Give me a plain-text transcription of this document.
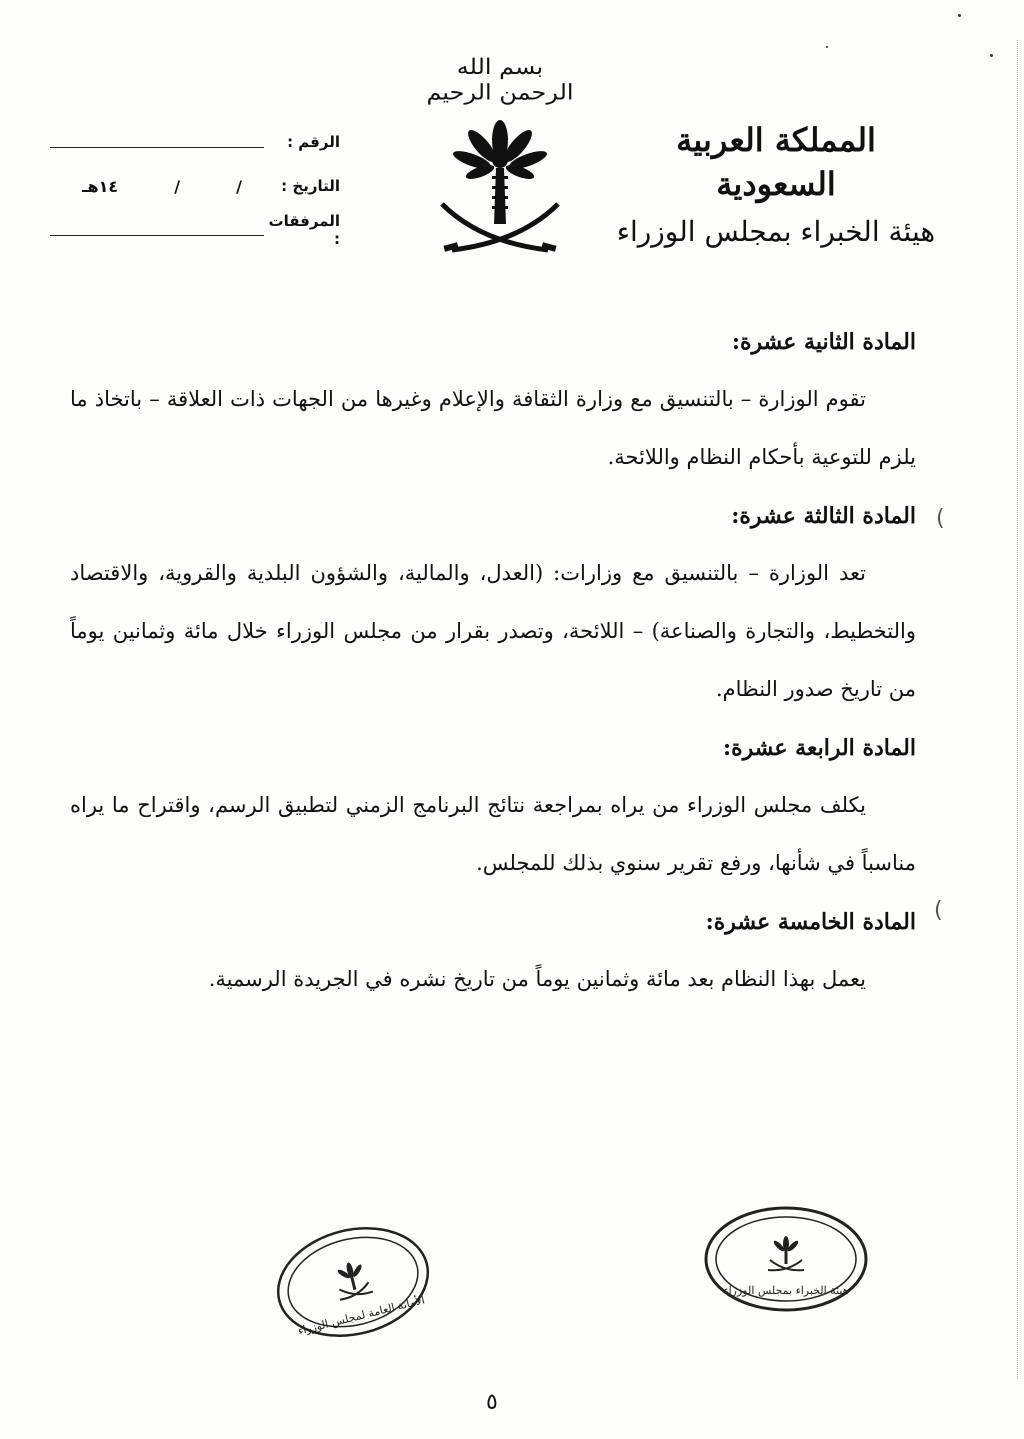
بسم الله الرحمن الرحيم
المملكة العربية السعودية
هيئة الخبراء بمجلس الوزراء
الرقم :
التاريخ :
١٤هـ	/	/
المرفقات :
المادة الثانية عشرة:

تقوم الوزارة – بالتنسيق مع وزارة الثقافة والإعلام وغيرها من الجهات ذات العلاقة – باتخاذ ما يلزم للتوعية بأحكام النظام واللائحة.

المادة الثالثة عشرة:

تعد الوزارة – بالتنسيق مع وزارات: (العدل، والمالية، والشؤون البلدية والقروية، والاقتصاد والتخطيط، والتجارة والصناعة) – اللائحة، وتصدر بقرار من مجلس الوزراء خلال مائة وثمانين يوماً من تاريخ صدور النظام.

المادة الرابعة عشرة:

يكلف مجلس الوزراء من يراه بمراجعة نتائج البرنامج الزمني لتطبيق الرسم، واقتراح ما يراه مناسباً في شأنها، ورفع تقرير سنوي بذلك للمجلس.

المادة الخامسة عشرة:

يعمل بهذا النظام بعد مائة وثمانين يوماً من تاريخ نشره في الجريدة الرسمية.

(
(
الأمانة العامة لمجلس الوزراء
هيئة الخبراء بمجلس الوزراء
٥
